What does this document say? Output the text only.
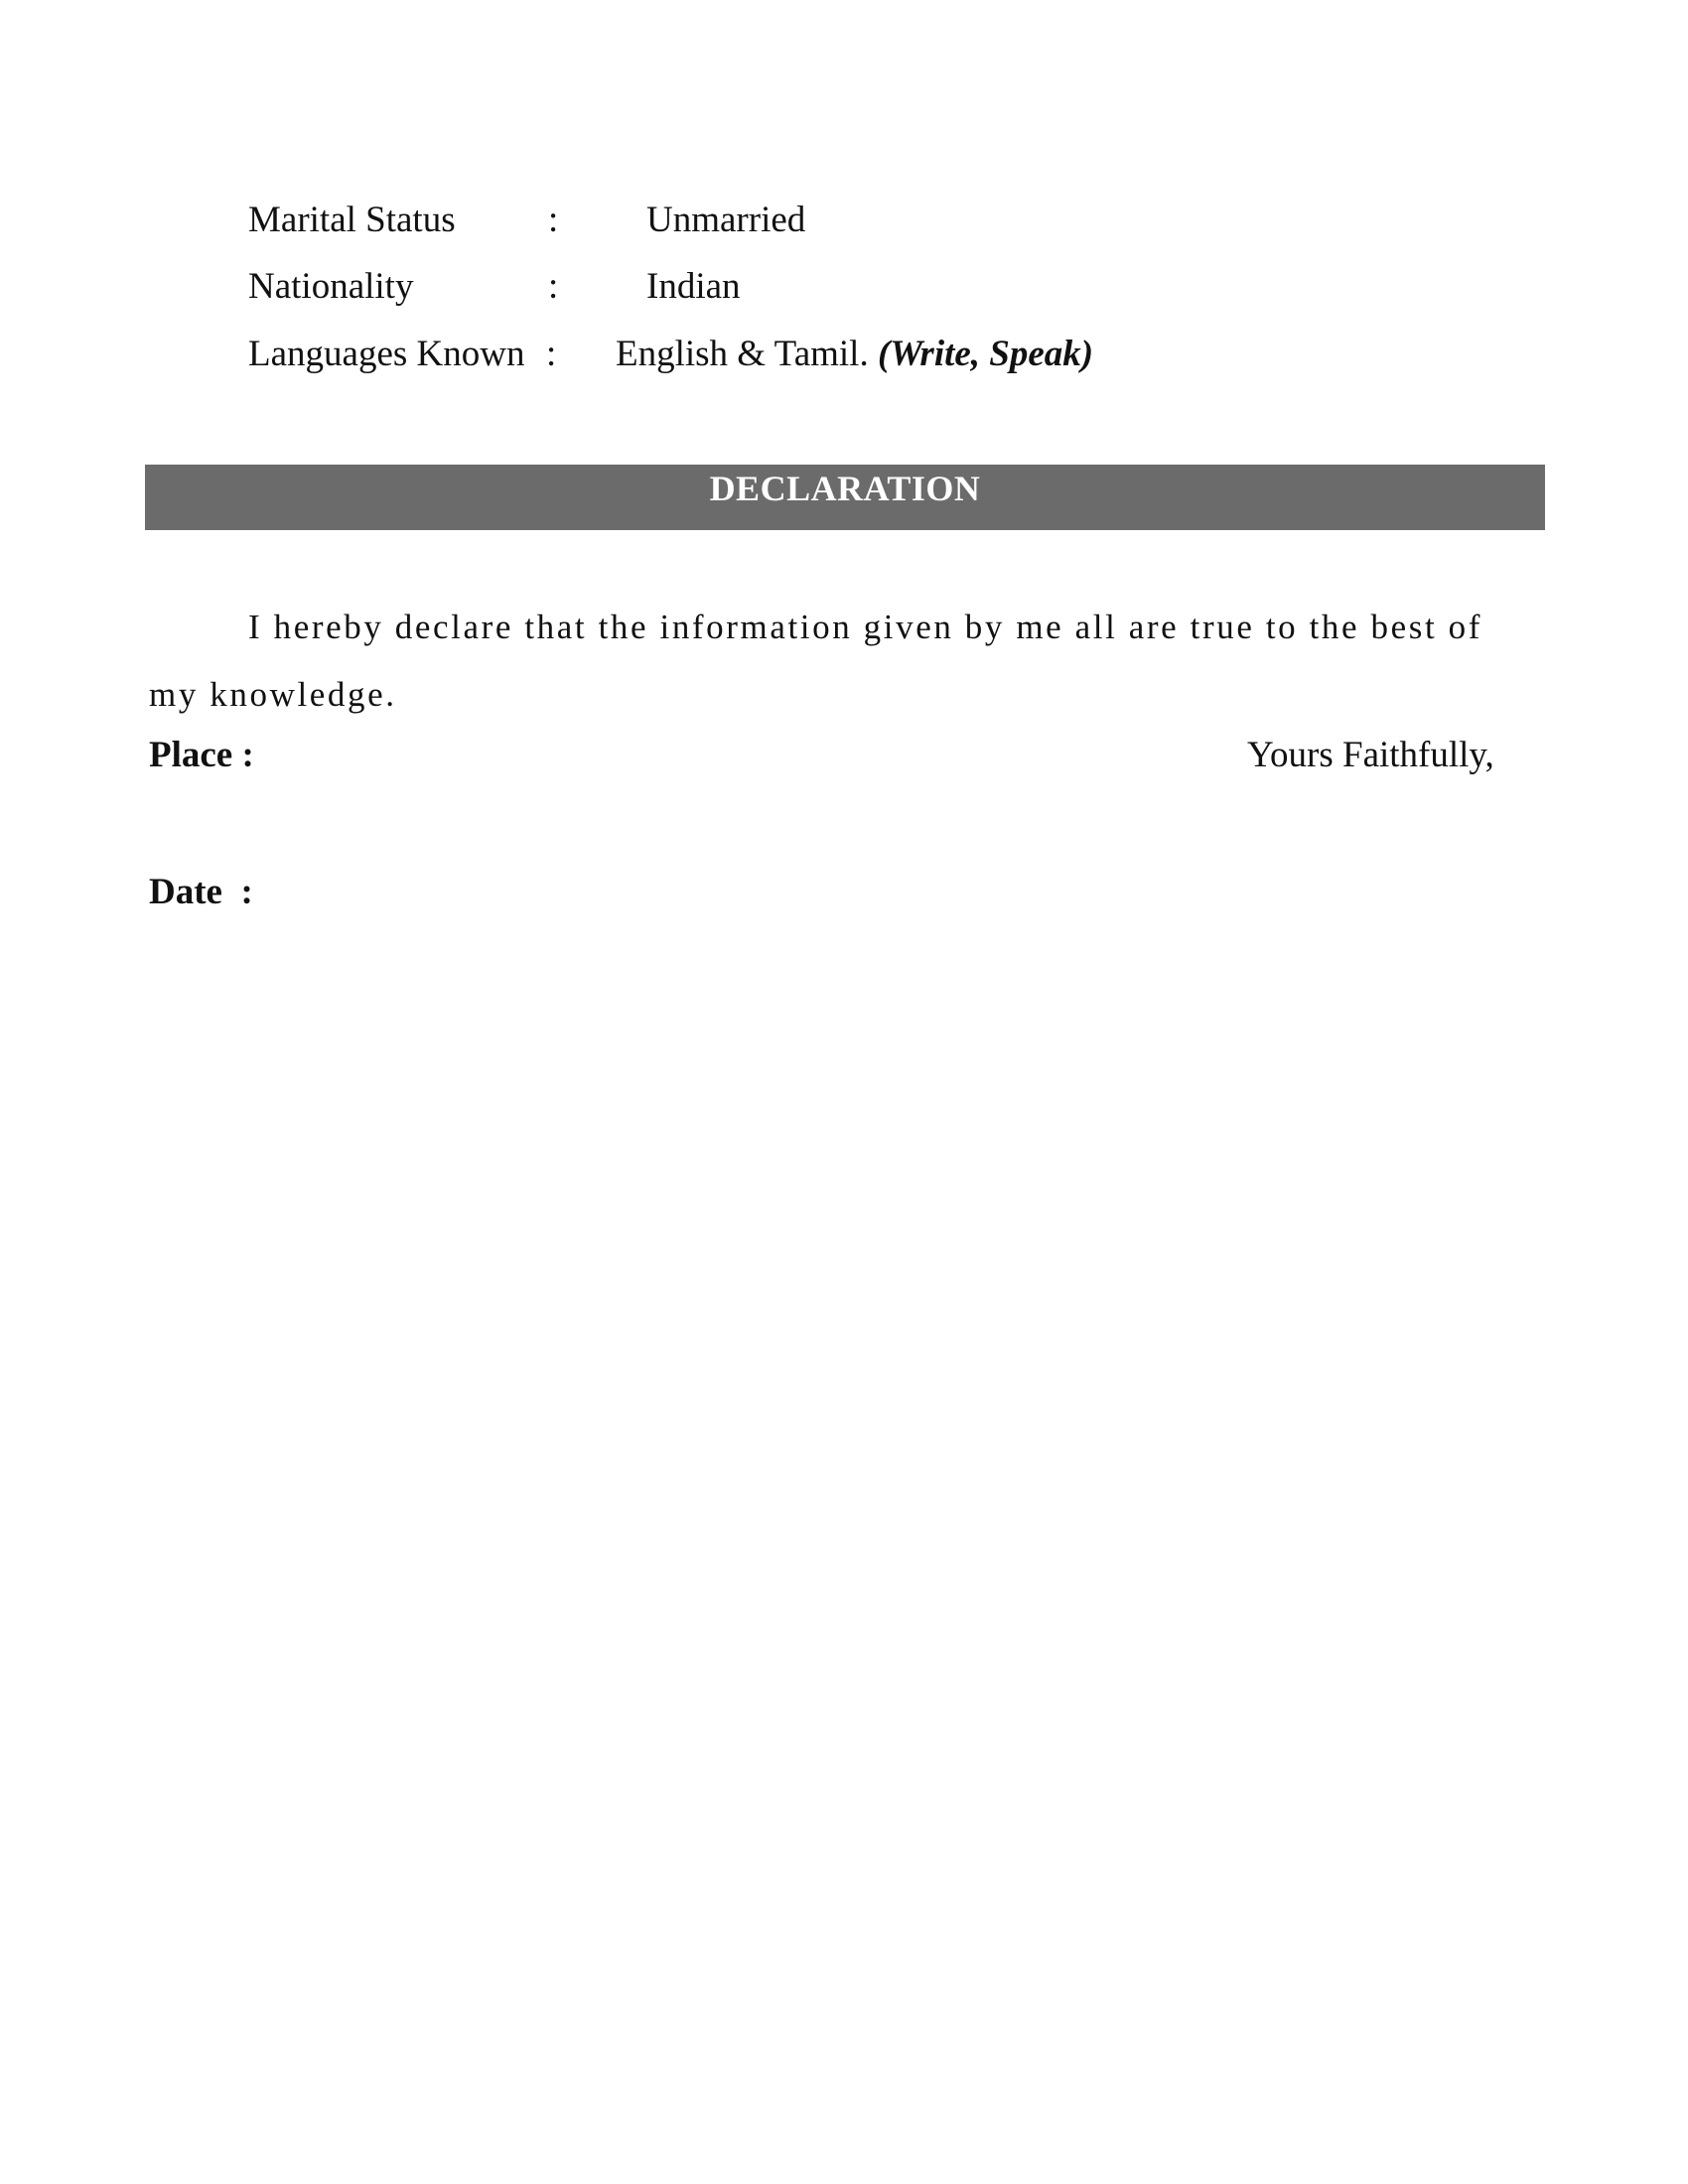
Marital Status	: Unmarried
Nationality	: Indian
Languages Known : English & Tamil. (Write, Speak)
DECLARATION

I hereby declare that the information given by me all are true to the best of my knowledge.

Place :	Yours Faithfully,
Date  :
